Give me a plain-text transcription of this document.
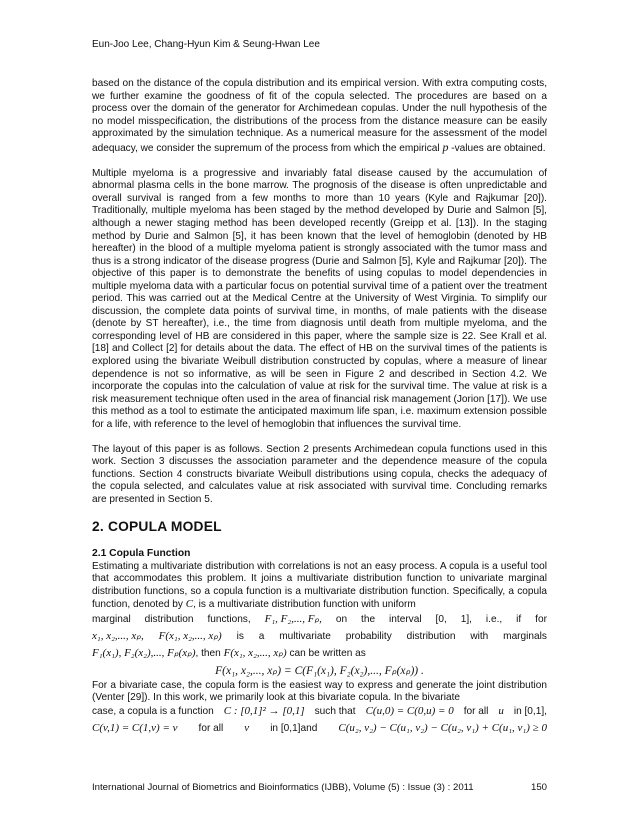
Eun-Joo Lee, Chang-Hyun Kim & Seung-Hwan Lee

based on the distance of the copula distribution and its empirical version. With extra computing costs, we further examine the goodness of fit of the copula selected. The procedures are based on a process over the domain of the generator for Archimedean copulas. Under the null hypothesis of the no model misspecification, the distributions of the process from the distance measure can be easily approximated by the simulation technique. As a numerical measure for the assessment of the model adequacy, we consider the supremum of the process from which the empirical p -values are obtained.

Multiple myeloma is a progressive and invariably fatal disease caused by the accumulation of abnormal plasma cells in the bone marrow. The prognosis of the disease is often unpredictable and overall survival is ranged from a few months to more than 10 years (Kyle and Rajkumar [20]). Traditionally, multiple myeloma has been staged by the method developed by Durie and Salmon [5], although a newer staging method has been developed recently (Greipp et al. [13]). In the staging method by Durie and Salmon [5], it has been known that the level of hemoglobin (denoted by HB hereafter) in the blood of a multiple myeloma patient is strongly associated with the tumor mass and thus is a strong indicator of the disease progress (Durie and Salmon [5], Kyle and Rajkumar [20]). The objective of this paper is to demonstrate the benefits of using copulas to model dependencies in multiple myeloma data with a particular focus on potential survival time of a patient over the treatment period. This was carried out at the Medical Centre at the University of West Virginia. To simplify our discussion, the complete data points of survival time, in months, of male patients with the disease (denote by ST hereafter), i.e., the time from diagnosis until death from multiple myeloma, and the corresponding level of HB are considered in this paper, where the sample size is 22. See Krall et al. [18] and Collect [2] for details about the data. The effect of HB on the survival times of the patients is explored using the bivariate Weibull distribution constructed by copulas, where a measure of linear dependence is not so informative, as will be seen in Figure 2 and described in Section 4.2. We incorporate the copulas into the calculation of value at risk for the survival time. The value at risk is a risk measurement technique often used in the area of financial risk management (Jorion [17]). We use this method as a tool to estimate the anticipated maximum life span, i.e. maximum extension possible for a life, with reference to the level of hemoglobin that influences the survival time.

The layout of this paper is as follows. Section 2 presents Archimedean copula functions used in this work. Section 3 discusses the association parameter and the dependence measure of the copula functions. Section 4 constructs bivariate Weibull distributions using copula, checks the adequacy of the copula selected, and calculates value at risk associated with survival time. Concluding remarks are presented in Section 5.

2. COPULA MODEL
2.1 Copula Function

Estimating a multivariate distribution with correlations is not an easy process. A copula is a useful tool that accommodates this problem. It joins a multivariate distribution function to univariate marginal distribution functions, so a copula function is a multivariate distribution function. Specifically, a copula function, denoted by C, is a multivariate distribution function with uniform

marginal distribution functions, F₁, F₂,..., Fₚ, on the interval [0, 1], i.e., if for
x₁, x₂,..., xₚ, F(x₁, x₂,..., xₚ) is a multivariate probability distribution with marginals
F₁(x₁), F₂(x₂),..., Fₚ(xₚ) , then
F(x₁, x₂,..., xₚ)
can be written as
F(x₁, x₂,..., xₚ) = C(F₁(x₁), F₂(x₂),..., Fₚ(xₚ)) .

For a bivariate case, the copula form is the easiest way to express and generate the joint distribution (Venter [29]). In this work, we primarily look at this bivariate copula. In the bivariate

case, a copula is a function C : [0,1]² → [0,1] such that C(u,0) = C(0,u) = 0 for all u in [0,1],
C(v,1) = C(1,v) = v for all v in [0,1]and C(u₂, v₂) − C(u₁, v₂) − C(u₂, v₁) + C(u₁, v₁) ≥ 0
International Journal of Biometrics and Bioinformatics (IJBB), Volume (5) : Issue (3) : 2011	150
